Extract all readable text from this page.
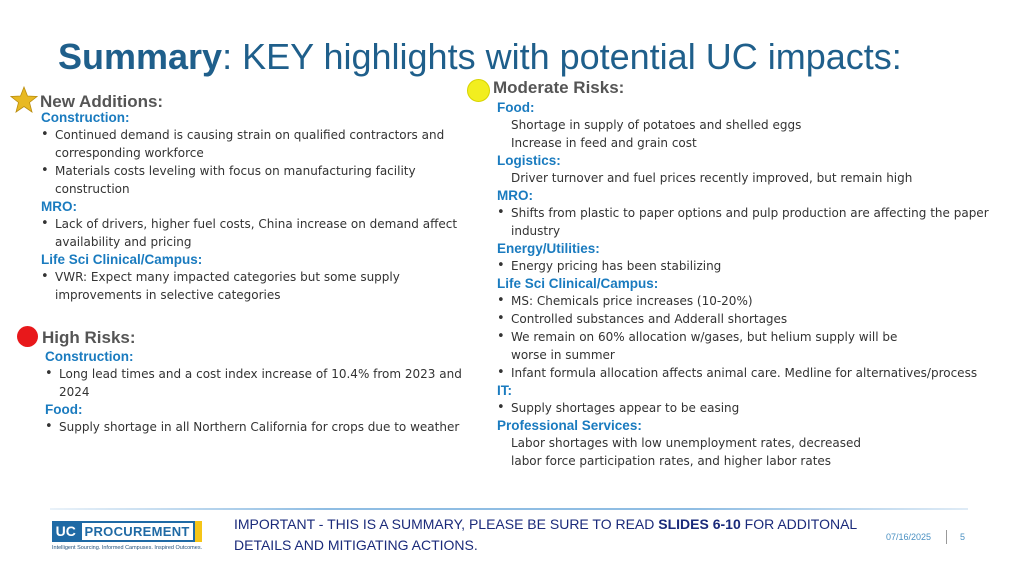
Summary: KEY highlights with potential UC impacts:
New Additions:
Construction:
• Continued demand is causing strain on qualified contractors and corresponding workforce
• Materials costs leveling with focus on manufacturing facility construction
MRO:
• Lack of drivers, higher fuel costs, China increase on demand affect availability and pricing
Life Sci Clinical/Campus:
• VWR: Expect many impacted categories but some supply improvements in selective categories
High Risks:
Construction:
• Long lead times and a cost index increase of 10.4% from 2023 and 2024
Food:
• Supply shortage in all Northern California for crops due to weather
Moderate Risks:
Food:
Shortage in supply of potatoes and shelled eggs
Increase in feed and grain cost
Logistics:
Driver turnover and fuel prices recently improved, but remain high
MRO:
• Shifts from plastic to paper options and pulp production are affecting the paper industry
Energy/Utilities:
• Energy pricing has been stabilizing
Life Sci Clinical/Campus:
• MS: Chemicals price increases (10-20%)
• Controlled substances and Adderall shortages
• We remain on 60% allocation w/gases, but helium supply will be worse in summer
• Infant formula allocation affects animal care. Medline for alternatives/process
IT:
• Supply shortages appear to be easing
Professional Services:
Labor shortages with low unemployment rates, decreased labor force participation rates, and higher labor rates
UC PROCUREMENT
Intelligent Sourcing. Informed Campuses. Inspired Outcomes.
IMPORTANT - THIS IS A SUMMARY, PLEASE BE SURE TO READ SLIDES 6-10 FOR ADDITONAL DETAILS AND MITIGATING ACTIONS.	07/16/2025	5
